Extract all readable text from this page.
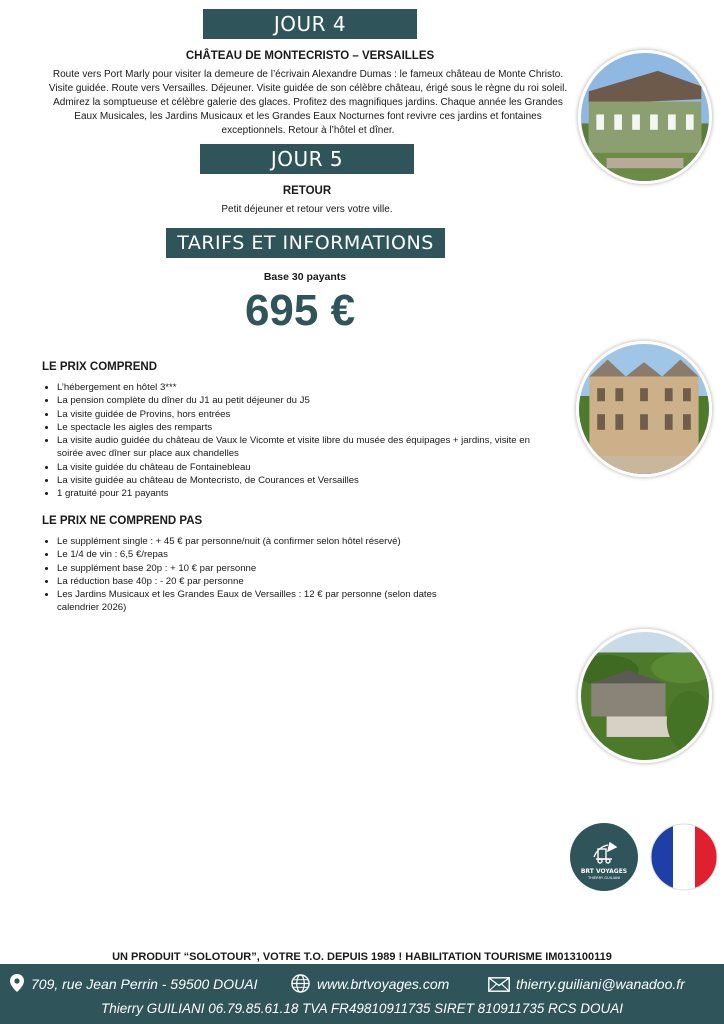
JOUR 4
CHÂTEAU DE MONTECRISTO – VERSAILLES
Route vers Port Marly pour visiter la demeure de l’écrivain Alexandre Dumas : le fameux château de Monte Christo.
Visite guidée. Route vers Versailles. Déjeuner. Visite guidée de son célèbre château, érigé sous le règne du roi soleil.
Admirez la somptueuse et célèbre galerie des glaces. Profitez des magnifiques jardins. Chaque année les Grandes
Eaux Musicales, les Jardins Musicaux et les Grandes Eaux Nocturnes font revivre ces jardins et fontaines
exceptionnels. Retour à l’hôtel et dîner.
JOUR 5
RETOUR
Petit déjeuner et retour vers votre ville.
TARIFS ET INFORMATIONS
Base 30 payants
695 €
LE PRIX COMPREND
• L’hébergement en hôtel 3***
• La pension complète du dîner du J1 au petit déjeuner du J5
• La visite guidée de Provins, hors entrées
• Le spectacle les aigles des remparts
• La visite audio guidée du château de Vaux le Vicomte et visite libre du musée des équipages + jardins, visite en soirée avec dîner sur place aux chandelles
• La visite guidée du château de Fontainebleau
• La visite guidée au château de Montecristo, de Courances et Versailles
• 1 gratuité pour 21 payants
LE PRIX NE COMPREND PAS
• Le supplément single : + 45 € par personne/nuit (à confirmer selon hôtel réservé)
• Le 1/4 de vin : 6,5 €/repas
• Le supplément base 20p : + 10 € par personne
• La réduction base 40p : - 20 € par personne
• Les Jardins Musicaux et les Grandes Eaux de Versailles : 12 € par personne (selon dates calendrier 2026)
BRT VOYAGES
THIERRY GUILIANI
UN PRODUIT “SOLOTOUR”, VOTRE T.O. DEPUIS 1989 ! HABILITATION TOURISME IM013100119
709, rue Jean Perrin - 59500 DOUAI	www.brtvoyages.com	thierry.guiliani@wanadoo.fr
Thierry GUILIANI 06.79.85.61.18 TVA FR49810911735 SIRET 810911735 RCS DOUAI
